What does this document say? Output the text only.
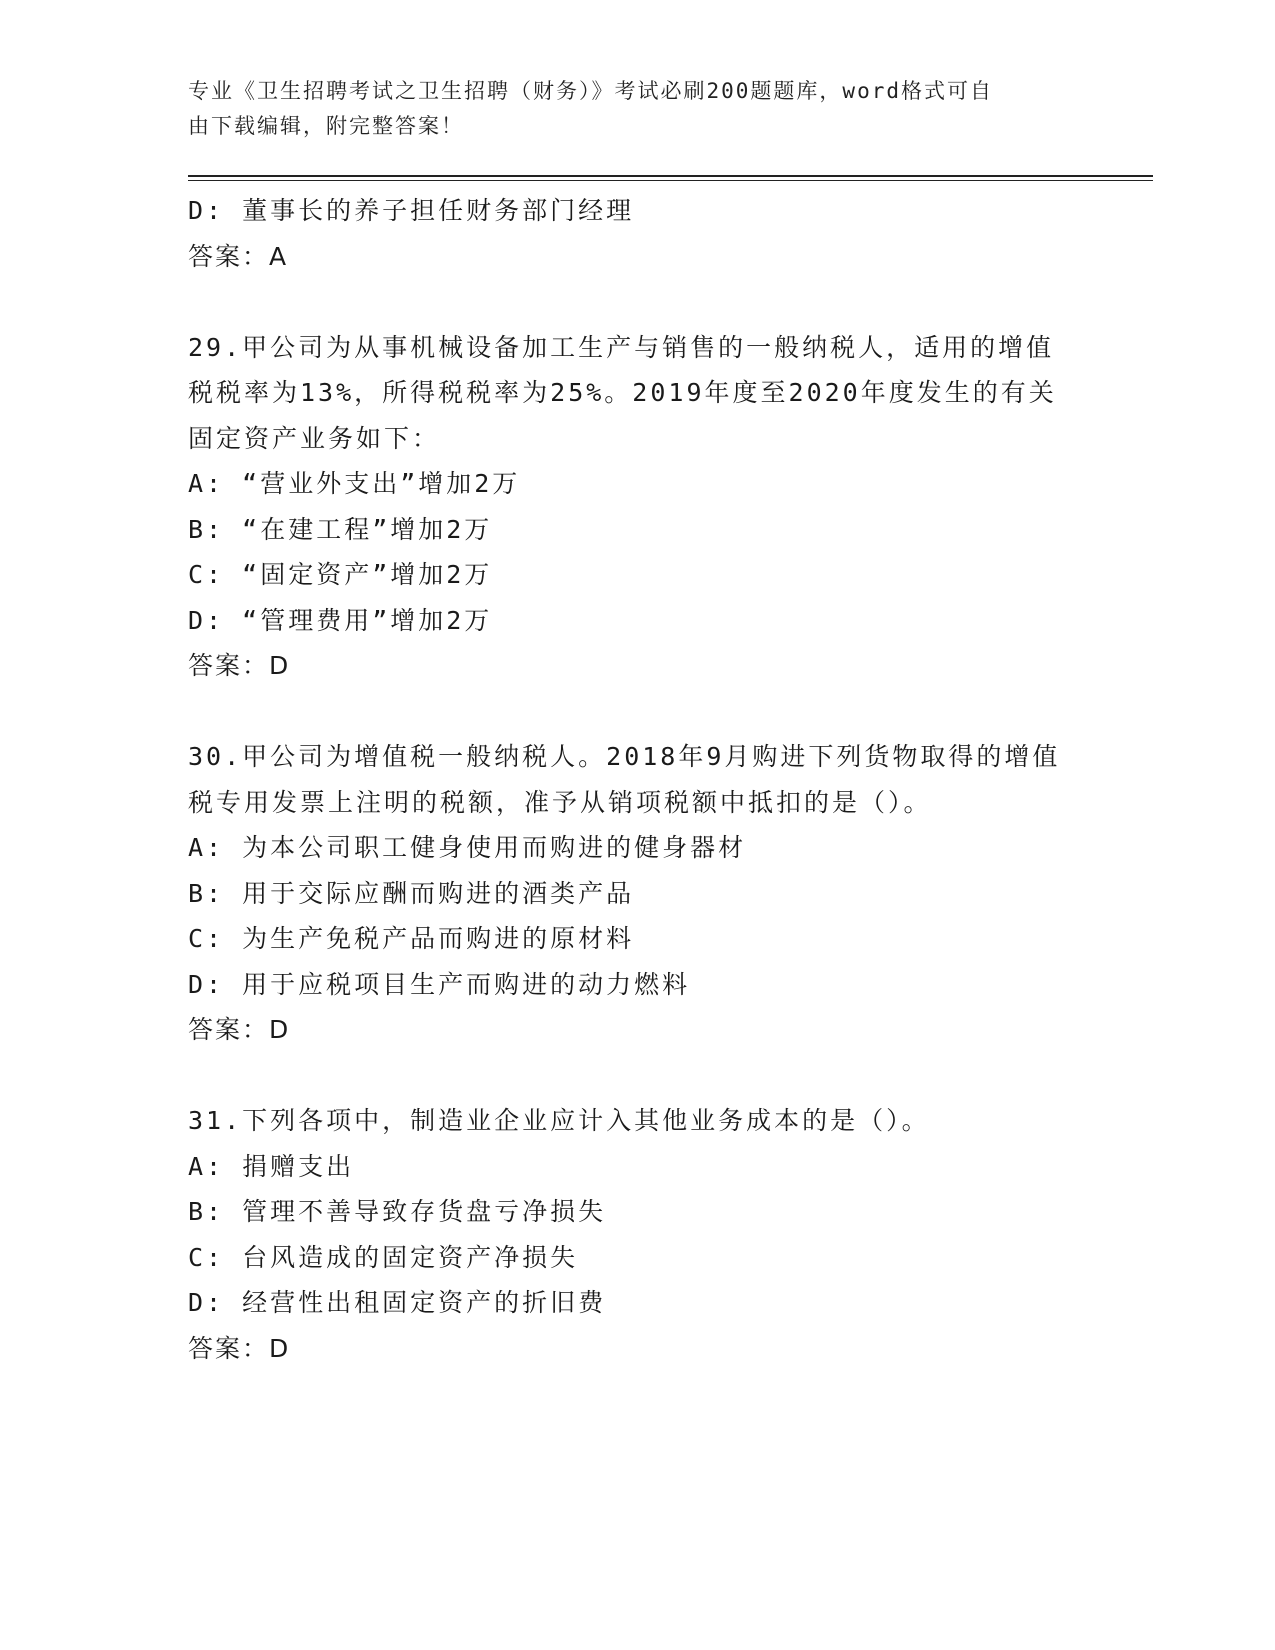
专业《卫生招聘考试之卫生招聘（财务）》考试必刷200题题库，word格式可自
由下载编辑，附完整答案！

D: 董事长的养子担任财务部门经理

答案：A

29.甲公司为从事机械设备加工生产与销售的一般纳税人，适用的增值

税税率为13%，所得税税率为25%。2019年度至2020年度发生的有关

固定资产业务如下：

A: “营业外支出”增加2万

B: “在建工程”增加2万

C: “固定资产”增加2万

D: “管理费用”增加2万

答案：D

30.甲公司为增值税一般纳税人。2018年9月购进下列货物取得的增值

税专用发票上注明的税额，准予从销项税额中抵扣的是（）。

A: 为本公司职工健身使用而购进的健身器材

B: 用于交际应酬而购进的酒类产品

C: 为生产免税产品而购进的原材料

D: 用于应税项目生产而购进的动力燃料

答案：D

31.下列各项中，制造业企业应计入其他业务成本的是（）。

A: 捐赠支出

B: 管理不善导致存货盘亏净损失

C: 台风造成的固定资产净损失

D: 经营性出租固定资产的折旧费

答案：D
